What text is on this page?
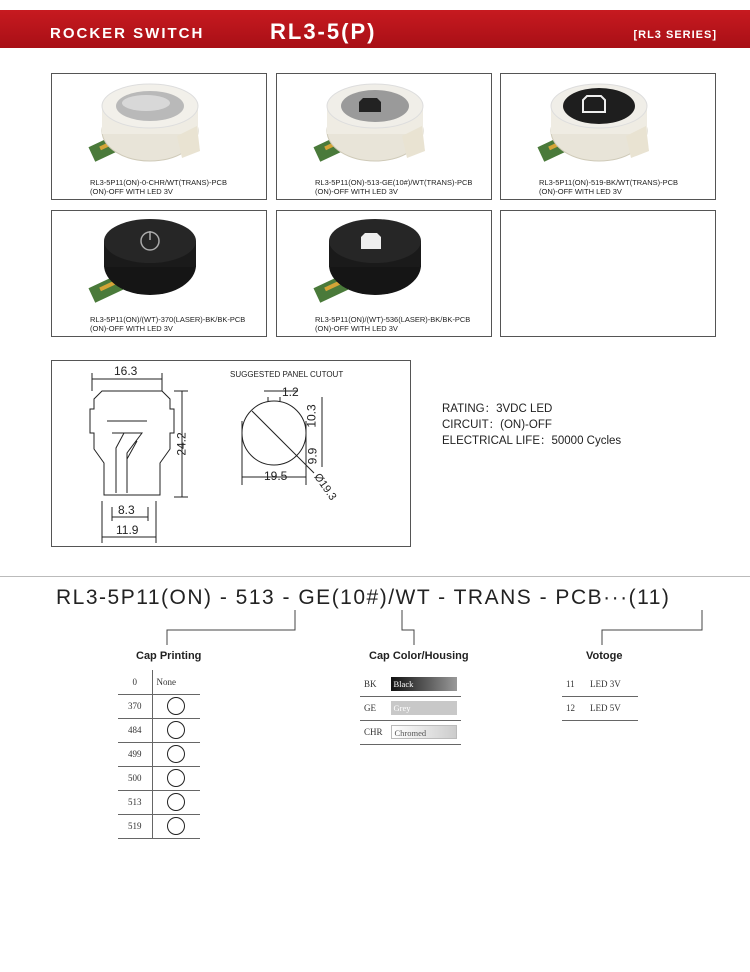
ROCKER SWITCH	RL3-5(P)	[RL3 SERIES]
RL3-5P11(ON)-0-CHR/WT(TRANS)-PCB
(ON)-OFF WITH LED 3V
RL3-5P11(ON)-513-GE(10#)/WT(TRANS)-PCB
(ON)-OFF WITH LED 3V
RL3-5P11(ON)-519-BK/WT(TRANS)-PCB
(ON)-OFF WITH LED 3V
RL3-5P11(ON)/(WT)-370(LASER)-BK/BK-PCB
(ON)-OFF WITH LED 3V
RL3-5P11(ON)/(WT)-536(LASER)-BK/BK-PCB
(ON)-OFF WITH LED 3V
SUGGESTED PANEL CUTOUT
16.3
24.2
8.3
11.9
1.2
10.3
9.9
19.5 Ø19.3
RATING：3VDC LED
CIRCUIT：(ON)-OFF
ELECTRICAL LIFE：50000 Cycles
RL3-5P11(ON) - 513 - GE(10#)/WT - TRANS - PCB···(11)
Cap Printing
0	None
370	
484	
499	
500	
513	
519	
Cap Color/Housing
BK	Black
GE	Grey
CHR	Chromed
Votoge
11	LED 3V
12	LED 5V
